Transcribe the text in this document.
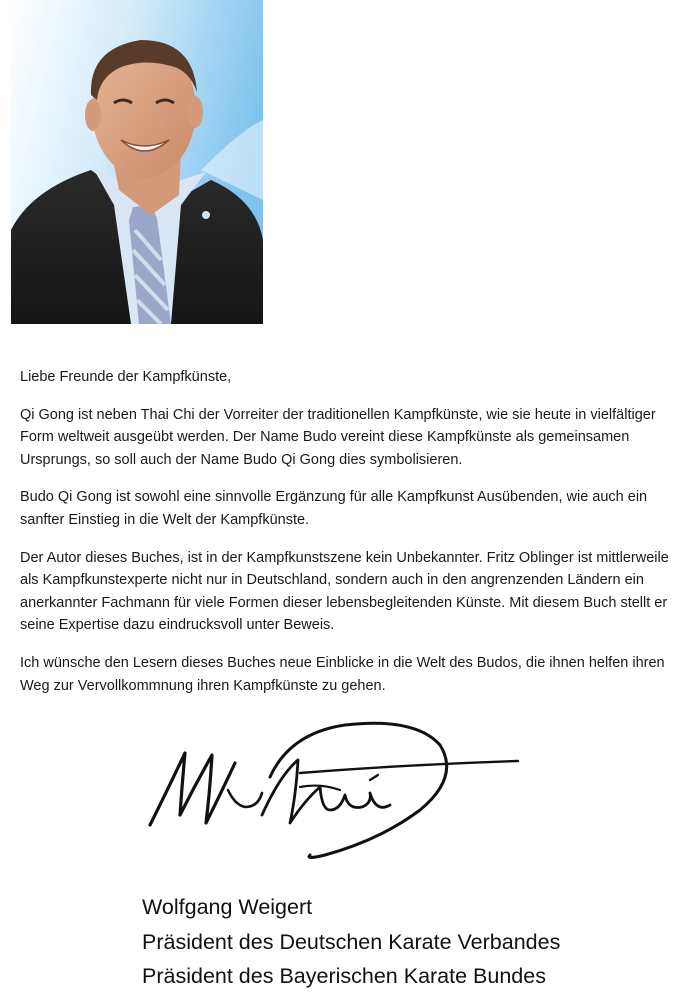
Liebe Freunde der Kampfkünste,

Qi Gong ist neben Thai Chi der Vorreiter der traditionellen Kampfkünste, wie sie heute in vielfältiger Form weltweit ausgeübt werden. Der Name Budo vereint diese Kampfkünste als gemeinsamen Ursprungs, so soll auch der Name Budo Qi Gong dies symbolisieren.

Budo Qi Gong ist sowohl eine sinnvolle Ergänzung für alle Kampfkunst Ausübenden, wie auch ein sanfter Einstieg in die Welt der Kampfkünste.

Der Autor dieses Buches, ist in der Kampfkunstszene kein Unbekannter. Fritz Oblinger ist mittlerweile als Kampfkunstexperte nicht nur in Deutschland, sondern auch in den angrenzenden Ländern ein anerkannter Fachmann für viele Formen dieser lebensbegleitenden Künste. Mit diesem Buch stellt er seine Expertise dazu eindrucksvoll unter Beweis.

Ich wünsche den Lesern dieses Buches neue Einblicke in die Welt des Budos, die ihnen helfen ihren Weg zur Vervollkommnung ihren Kampfkünste zu gehen.

Wolfgang Weigert
Präsident des Deutschen Karate Verbandes
Präsident des Bayerischen Karate Bundes
